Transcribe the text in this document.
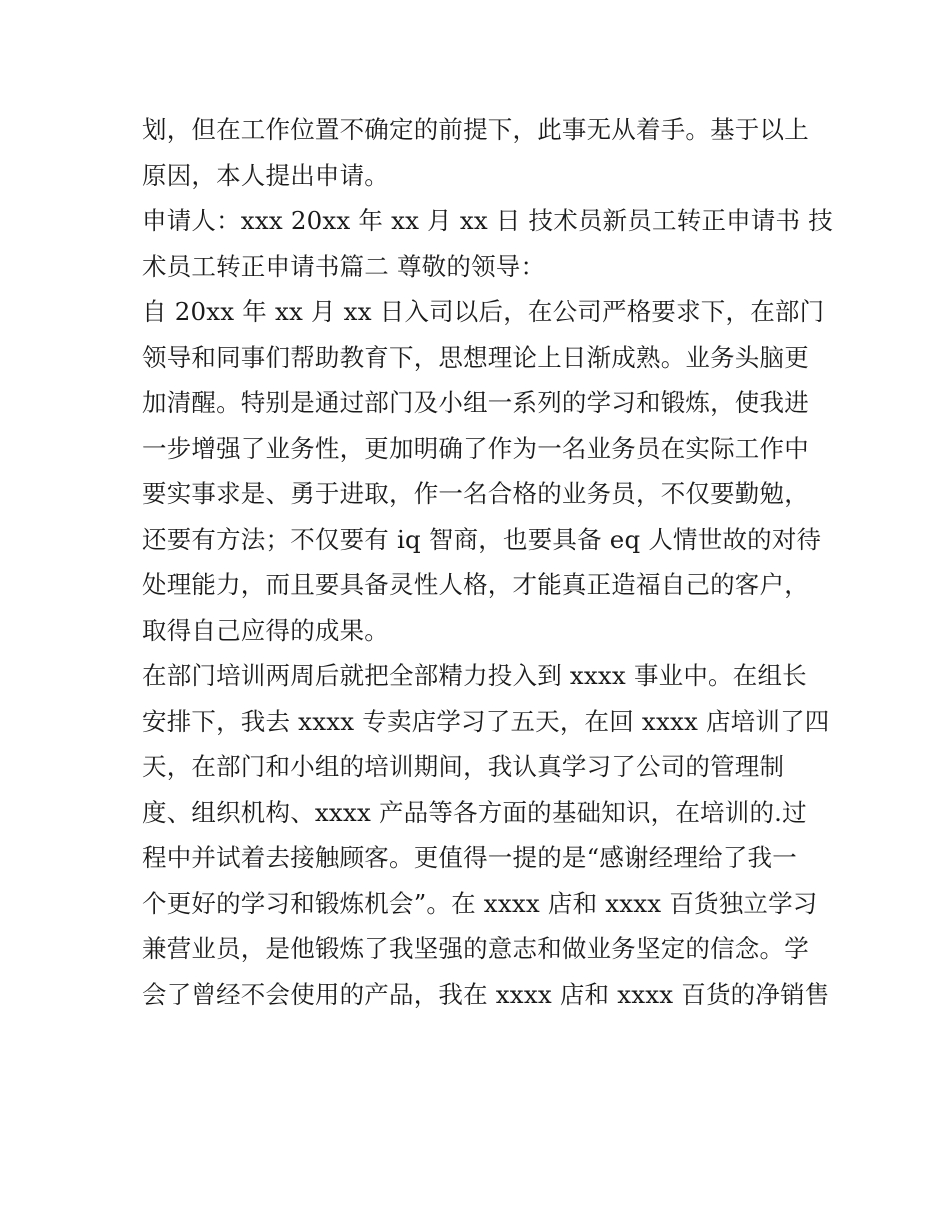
划，但在工作位置不确定的前提下，此事无从着手。基于以上
原因，本人提出申请。
申请人：xxx 20xx 年 xx 月 xx 日 技术员新员工转正申请书 技
术员工转正申请书篇二 尊敬的领导：
自 20xx 年 xx 月 xx 日入司以后，在公司严格要求下，在部门
领导和同事们帮助教育下，思想理论上日渐成熟。业务头脑更
加清醒。特别是通过部门及小组一系列的学习和锻炼，使我进
一步增强了业务性，更加明确了作为一名业务员在实际工作中
要实事求是、勇于进取，作一名合格的业务员，不仅要勤勉，
还要有方法；不仅要有 iq 智商，也要具备 eq 人情世故的对待
处理能力，而且要具备灵性人格，才能真正造福自己的客户，
取得自己应得的成果。
在部门培训两周后就把全部精力投入到 xxxx 事业中。在组长
安排下，我去 xxxx 专卖店学习了五天，在回 xxxx 店培训了四
天，在部门和小组的培训期间，我认真学习了公司的管理制
度、组织机构、xxxx 产品等各方面的基础知识，在培训的.过
程中并试着去接触顾客。更值得一提的是“感谢经理给了我一
个更好的学习和锻炼机会”。在 xxxx 店和 xxxx 百货独立学习
兼营业员，是他锻炼了我坚强的意志和做业务坚定的信念。学
会了曾经不会使用的产品，我在 xxxx 店和 xxxx 百货的净销售
